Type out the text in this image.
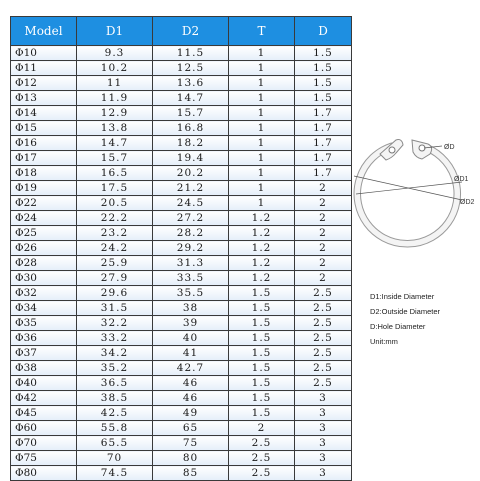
Model	D1	D2	T	D
Φ10	9.3	11.5	1	1.5
Φ11	10.2	12.5	1	1.5
Φ12	11	13.6	1	1.5
Φ13	11.9	14.7	1	1.5
Φ14	12.9	15.7	1	1.7
Φ15	13.8	16.8	1	1.7
Φ16	14.7	18.2	1	1.7
Φ17	15.7	19.4	1	1.7
Φ18	16.5	20.2	1	1.7
Φ19	17.5	21.2	1	2
Φ22	20.5	24.5	1	2
Φ24	22.2	27.2	1.2	2
Φ25	23.2	28.2	1.2	2
Φ26	24.2	29.2	1.2	2
Φ28	25.9	31.3	1.2	2
Φ30	27.9	33.5	1.2	2
Φ32	29.6	35.5	1.5	2.5
Φ34	31.5	38	1.5	2.5
Φ35	32.2	39	1.5	2.5
Φ36	33.2	40	1.5	2.5
Φ37	34.2	41	1.5	2.5
Φ38	35.2	42.7	1.5	2.5
Φ40	36.5	46	1.5	2.5
Φ42	38.5	46	1.5	3
Φ45	42.5	49	1.5	3
Φ60	55.8	65	2	3
Φ70	65.5	75	2.5	3
Φ75	70	80	2.5	3
Φ80	74.5	85	2.5	3
ØD
ØD1
ØD2
D1:Inside Diameter
D2:Outside Diameter
D:Hole Diameter
Unit:mm
